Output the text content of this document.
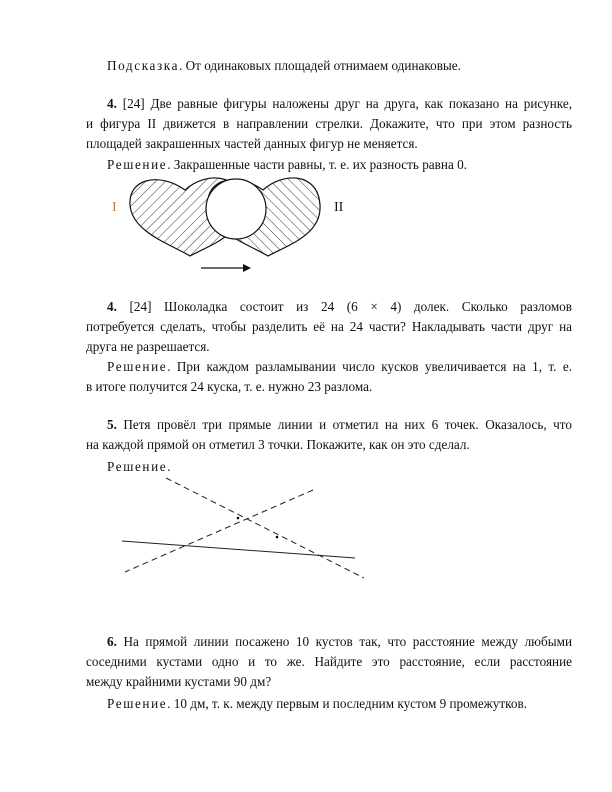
Подсказка. От одинаковых площадей отнимаем одинаковые.
4. [24] Две равные фигуры наложены друг на друга, как показано на рисунке,
и фигура II движется в направлении стрелки. Докажите, что при этом разность
площадей закрашенных частей данных фигур не меняется.
Решение. Закрашенные части равны, т. е. их разность равна 0.
I	II
4. [24] Шоколадка состоит из 24 (6 × 4) долек. Сколько разломов
потребуется сделать, чтобы разделить её на 24 части? Накладывать части друг на
друга не разрешается.
Решение. При каждом разламывании число кусков увеличивается на 1, т. е.
в итоге получится 24 куска, т. е. нужно 23 разлома.
5. Петя провёл три прямые линии и отметил на них 6 точек. Оказалось, что
на каждой прямой он отметил 3 точки. Покажите, как он это сделал.
Решение.
6. На прямой линии посажено 10 кустов так, что расстояние между любыми
соседними кустами одно и то же. Найдите это расстояние, если расстояние
между крайними кустами 90 дм?
Решение. 10 дм, т. к. между первым и последним кустом 9 промежутков.
